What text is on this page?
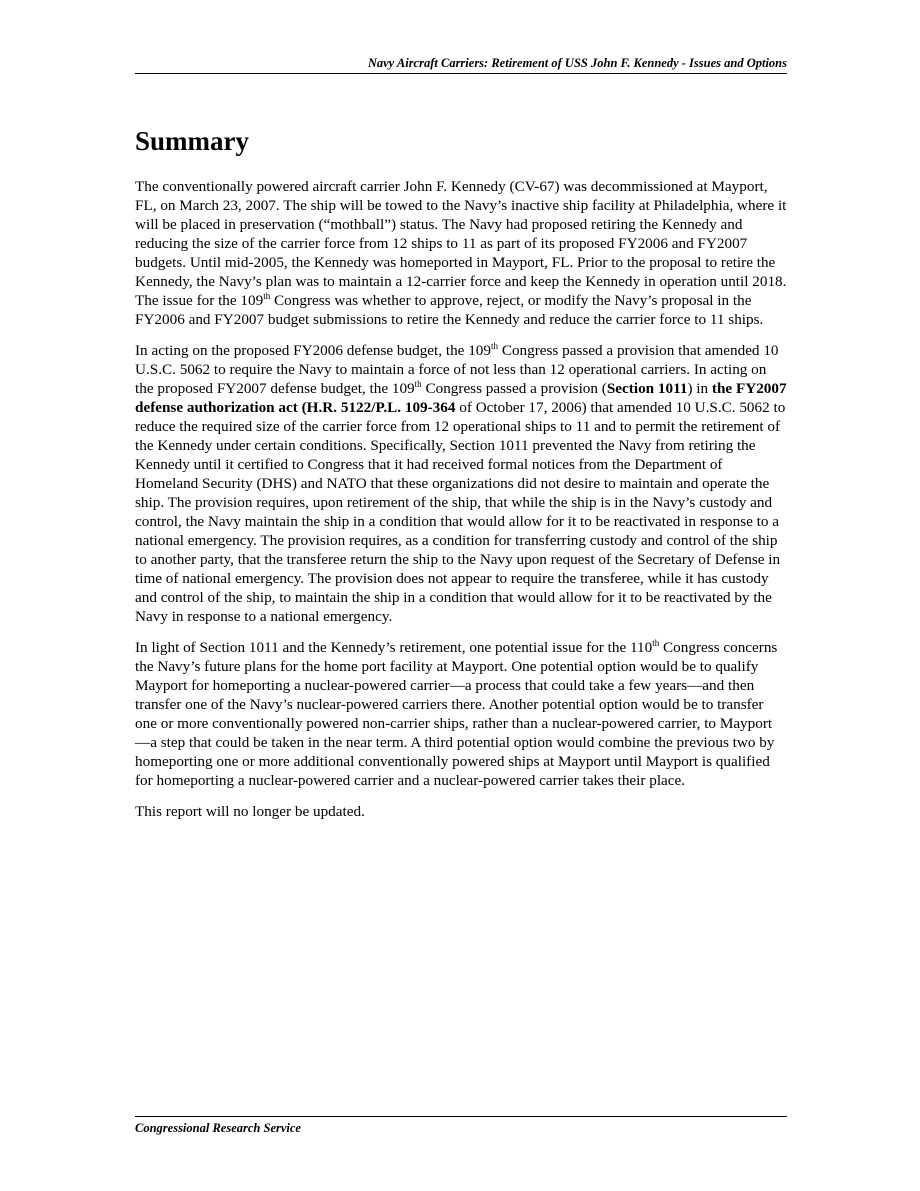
Navy Aircraft Carriers: Retirement of USS John F. Kennedy - Issues and Options
Summary

The conventionally powered aircraft carrier John F. Kennedy (CV-67) was decommissioned at Mayport, FL, on March 23, 2007. The ship will be towed to the Navy’s inactive ship facility at Philadelphia, where it will be placed in preservation (“mothball”) status. The Navy had proposed retiring the Kennedy and reducing the size of the carrier force from 12 ships to 11 as part of its proposed FY2006 and FY2007 budgets. Until mid-2005, the Kennedy was homeported in Mayport, FL. Prior to the proposal to retire the Kennedy, the Navy’s plan was to maintain a 12-carrier force and keep the Kennedy in operation until 2018. The issue for the 109th Congress was whether to approve, reject, or modify the Navy’s proposal in the FY2006 and FY2007 budget submissions to retire the Kennedy and reduce the carrier force to 11 ships.

In acting on the proposed FY2006 defense budget, the 109th Congress passed a provision that amended 10 U.S.C. 5062 to require the Navy to maintain a force of not less than 12 operational carriers. In acting on the proposed FY2007 defense budget, the 109th Congress passed a provision (Section 1011) in the FY2007 defense authorization act (H.R. 5122/P.L. 109-364 of October 17, 2006) that amended 10 U.S.C. 5062 to reduce the required size of the carrier force from 12 operational ships to 11 and to permit the retirement of the Kennedy under certain conditions. Specifically, Section 1011 prevented the Navy from retiring the Kennedy until it certified to Congress that it had received formal notices from the Department of Homeland Security (DHS) and NATO that these organizations did not desire to maintain and operate the ship. The provision requires, upon retirement of the ship, that while the ship is in the Navy’s custody and control, the Navy maintain the ship in a condition that would allow for it to be reactivated in response to a national emergency. The provision requires, as a condition for transferring custody and control of the ship to another party, that the transferee return the ship to the Navy upon request of the Secretary of Defense in time of national emergency. The provision does not appear to require the transferee, while it has custody and control of the ship, to maintain the ship in a condition that would allow for it to be reactivated by the Navy in response to a national emergency.

In light of Section 1011 and the Kennedy’s retirement, one potential issue for the 110th Congress concerns the Navy’s future plans for the home port facility at Mayport. One potential option would be to qualify Mayport for homeporting a nuclear-powered carrier—a process that could take a few years—and then transfer one of the Navy’s nuclear-powered carriers there. Another potential option would be to transfer one or more conventionally powered non-carrier ships, rather than a nuclear-powered carrier, to Mayport—a step that could be taken in the near term. A third potential option would combine the previous two by homeporting one or more additional conventionally powered ships at Mayport until Mayport is qualified for homeporting a nuclear-powered carrier and a nuclear-powered carrier takes their place.

This report will no longer be updated.

Congressional Research Service
